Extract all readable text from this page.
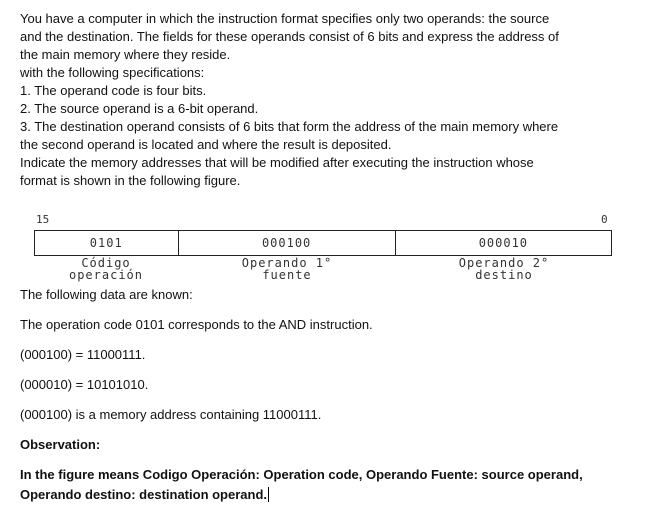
You have a computer in which the instruction format specifies only two operands: the source
and the destination. The fields for these operands consist of 6 bits and express the address of
the main memory where they reside.
with the following specifications:
1. The operand code is four bits.
2. The source operand is a 6-bit operand.
3. The destination operand consists of 6 bits that form the address of the main memory where
the second operand is located and where the result is deposited.
Indicate the memory addresses that will be modified after executing the instruction whose
format is shown in the following figure.
15	0
0101	000100	000010
Código
operación
Operando 1°
fuente
Operando 2°
destino
The following data are known:
The operation code 0101 corresponds to the AND instruction.
(000100) = 11000111.
(000010) = 10101010.
(000100) is a memory address containing 11000111.
Observation:
In the figure means Codigo Operación: Operation code, Operando Fuente: source operand,
Operando destino: destination operand.
